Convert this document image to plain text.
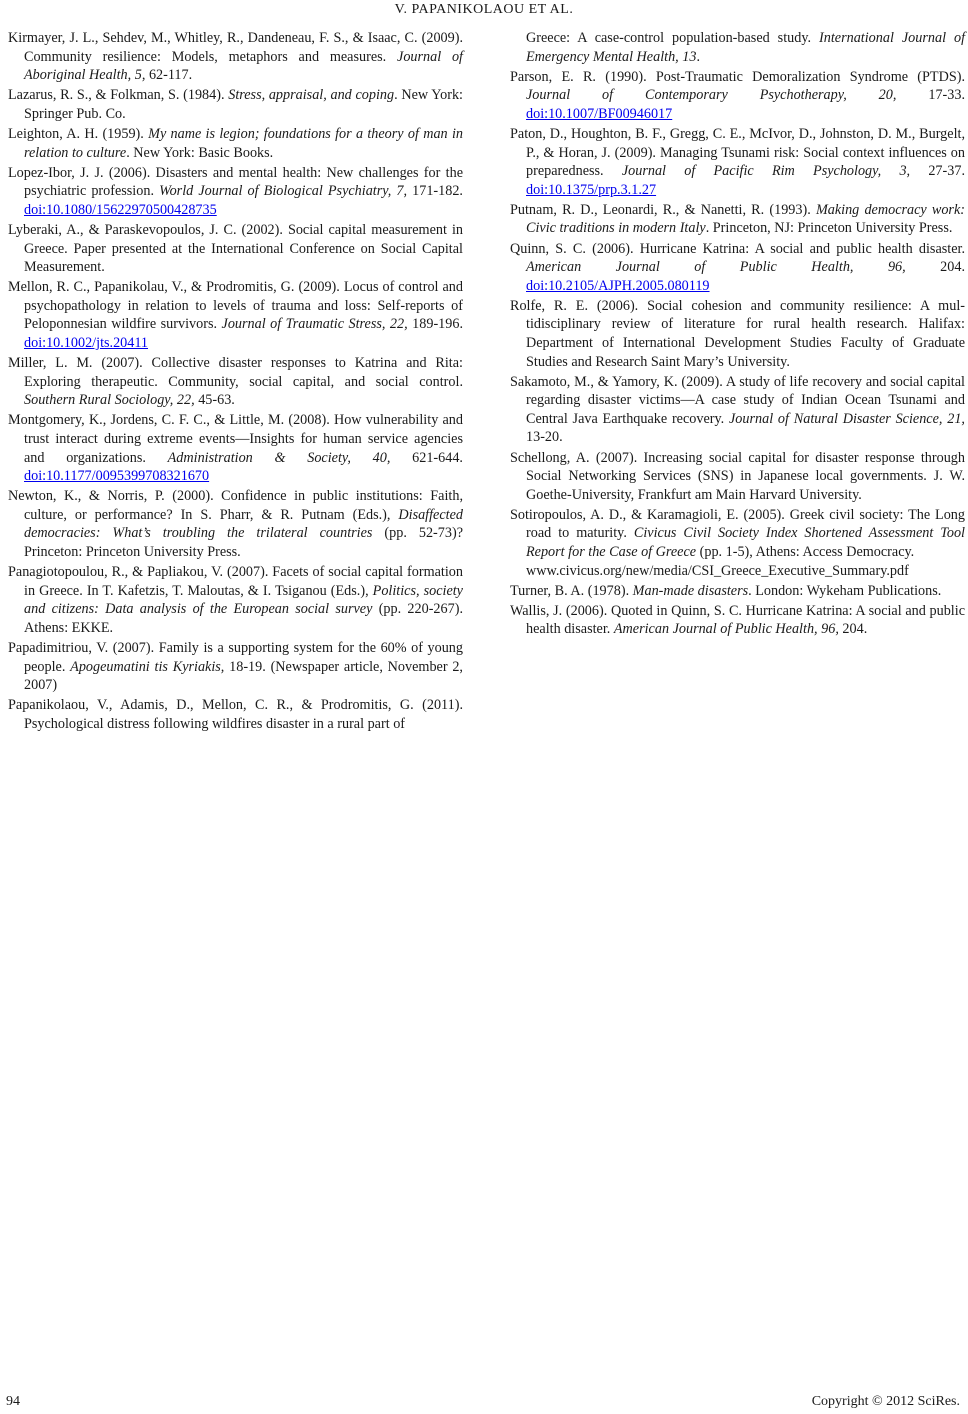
V. PAPANIKOLAOU ET AL.

Kirmayer, J. L., Sehdev, M., Whitley, R., Dandeneau, F. S., & Isaac, C. (2009). Community resilience: Models, metaphors and measures. Journal of Aboriginal Health, 5, 62-117.

Lazarus, R. S., & Folkman, S. (1984). Stress, appraisal, and coping. New York: Springer Pub. Co.

Leighton, A. H. (1959). My name is legion; foundations for a theory of man in relation to culture. New York: Basic Books.

Lopez-Ibor, J. J. (2006). Disasters and mental health: New challenges for the psychiatric profession. World Journal of Biological Psychiatry, 7, 171-182. doi:10.1080/15622970500428735

Lyberaki, A., & Paraskevopoulos, J. C. (2002). Social capital measurement in Greece. Paper presented at the International Conference on Social Capital Measurement.

Mellon, R. C., Papanikolau, V., & Prodromitis, G. (2009). Locus of control and psychopathology in relation to levels of trauma and loss: Self-reports of Peloponnesian wildfire survivors. Journal of Traumatic Stress, 22, 189-196. doi:10.1002/jts.20411

Miller, L. M. (2007). Collective disaster responses to Katrina and Rita: Exploring therapeutic. Community, social capital, and social control. Southern Rural Sociology, 22, 45-63.

Montgomery, K., Jordens, C. F. C., & Little, M. (2008). How vulnerability and trust interact during extreme events—Insights for human service agencies and organizations. Administration & Society, 40, 621-644. doi:10.1177/0095399708321670

Newton, K., & Norris, P. (2000). Confidence in public institutions: Faith, culture, or performance? In S. Pharr, & R. Putnam (Eds.), Disaffected democracies: What’s troubling the trilateral countries (pp. 52-73)? Princeton: Princeton University Press.

Panagiotopoulou, R., & Papliakou, V. (2007). Facets of social capital formation in Greece. In T. Kafetzis, T. Maloutas, & I. Tsiganou (Eds.), Politics, society and citizens: Data analysis of the European social survey (pp. 220-267). Athens: EKKE.

Papadimitriou, V. (2007). Family is a supporting system for the 60% of young people. Apogeumatini tis Kyriakis, 18-19. (Newspaper article, November 2, 2007)

Papanikolaou, V., Adamis, D., Mellon, C. R., & Prodromitis, G. (2011). Psychological distress following wildfires disaster in a rural part of

Greece: A case-control population-based study. International Journal of Emergency Mental Health, 13.

Parson, E. R. (1990). Post-Traumatic Demoralization Syndrome (PTDS). Journal of Contemporary Psychotherapy, 20, 17-33. doi:10.1007/BF00946017

Paton, D., Houghton, B. F., Gregg, C. E., McIvor, D., Johnston, D. M., Burgelt, P., & Horan, J. (2009). Managing Tsunami risk: Social context influences on preparedness. Journal of Pacific Rim Psychology, 3, 27-37. doi:10.1375/prp.3.1.27

Putnam, R. D., Leonardi, R., & Nanetti, R. (1993). Making democracy work: Civic traditions in modern Italy. Princeton, NJ: Princeton University Press.

Quinn, S. C. (2006). Hurricane Katrina: A social and public health disaster. American Journal of Public Health, 96, 204. doi:10.2105/AJPH.2005.080119

Rolfe, R. E. (2006). Social cohesion and community resilience: A multidisciplinary review of literature for rural health research. Halifax: Department of International Development Studies Faculty of Graduate Studies and Research Saint Mary’s University.

Sakamoto, M., & Yamory, K. (2009). A study of life recovery and social capital regarding disaster victims—A case study of Indian Ocean Tsunami and Central Java Earthquake recovery. Journal of Natural Disaster Science, 21, 13-20.

Schellong, A. (2007). Increasing social capital for disaster response through Social Networking Services (SNS) in Japanese local governments. J. W. Goethe-University, Frankfurt am Main Harvard University.

Sotiropoulos, A. D., & Karamagioli, E. (2005). Greek civil society: The Long road to maturity. Civicus Civil Society Index Shortened Assessment Tool Report for the Case of Greece (pp. 1-5), Athens: Access Democracy.
www.civicus.org/new/media/CSI_Greece_Executive_Summary.pdf

Turner, B. A. (1978). Man-made disasters. London: Wykeham Publications.

Wallis, J. (2006). Quoted in Quinn, S. C. Hurricane Katrina: A social and public health disaster. American Journal of Public Health, 96, 204.

94	Copyright © 2012 SciRes.
